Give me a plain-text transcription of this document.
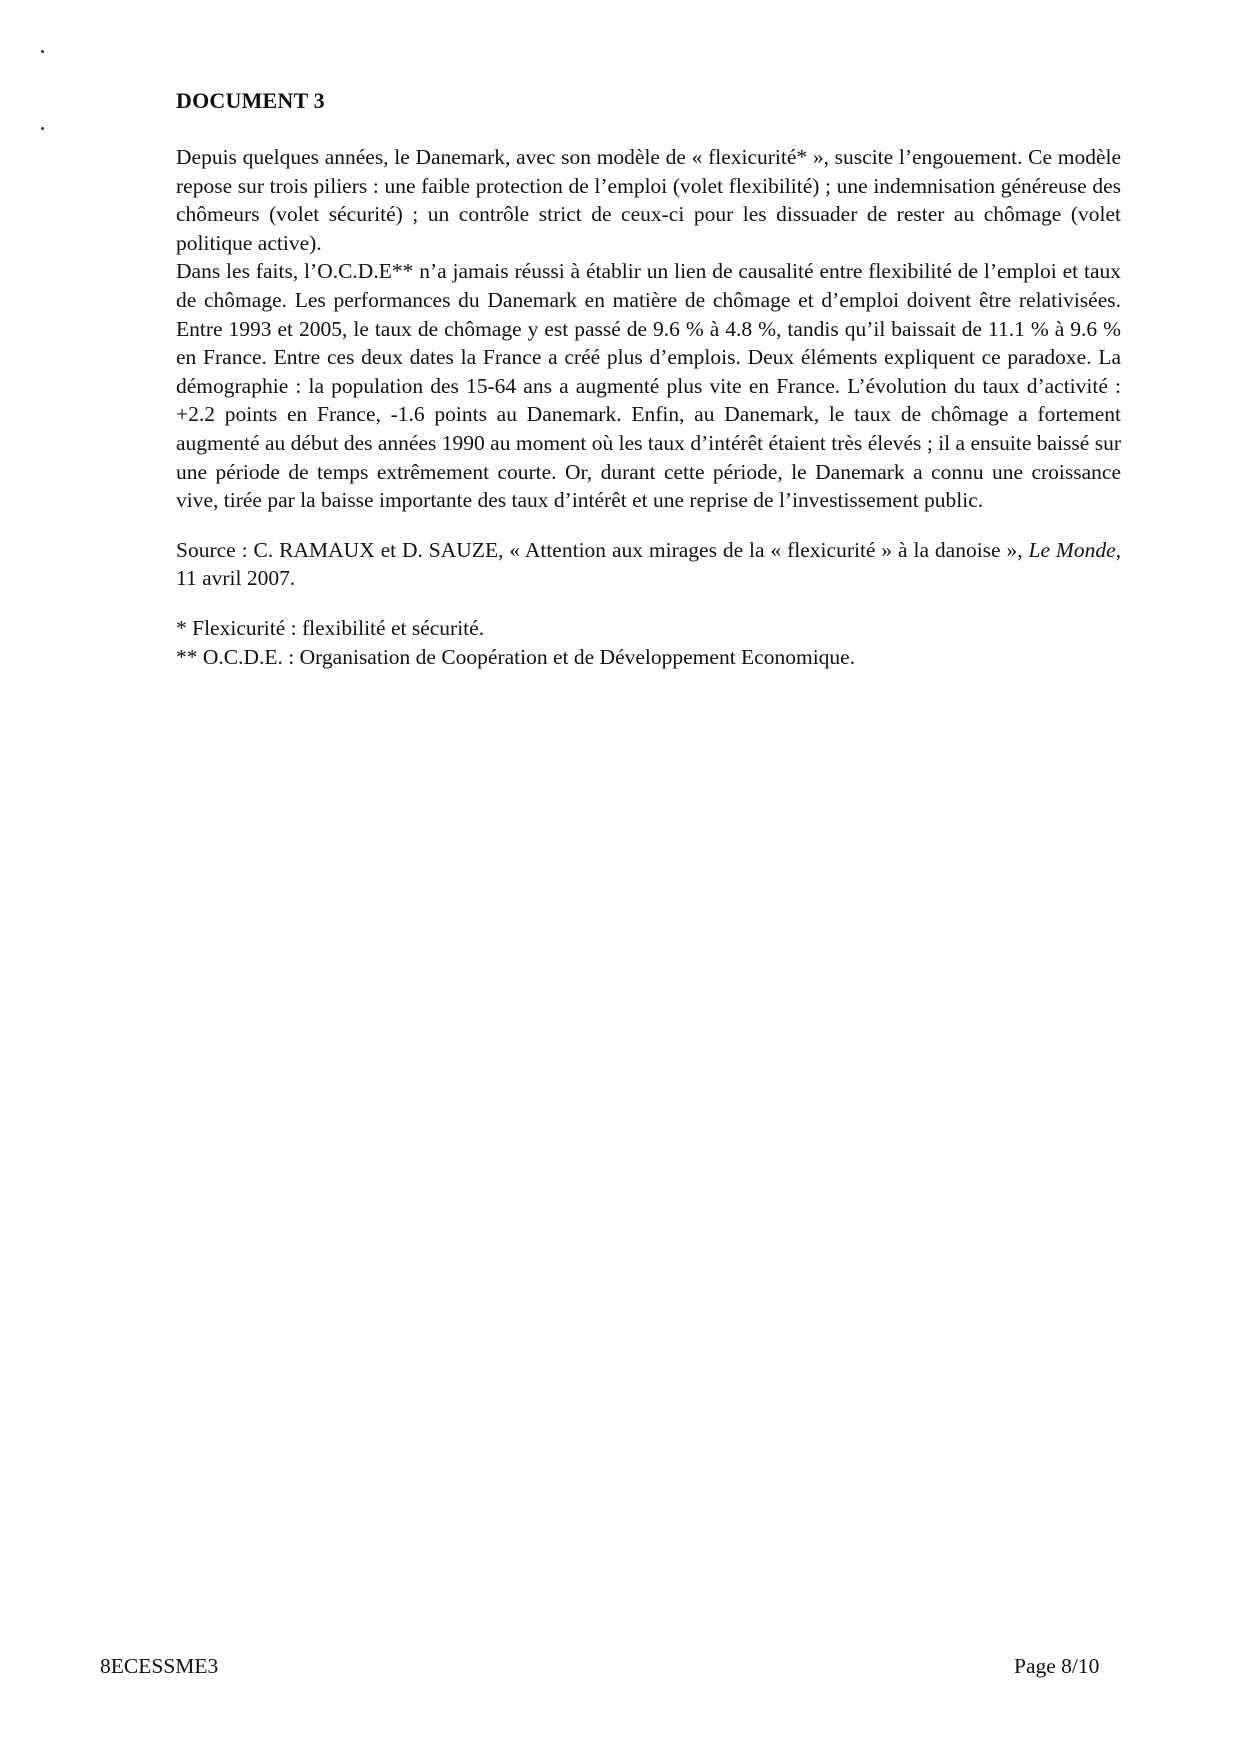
DOCUMENT 3

Depuis quelques années, le Danemark, avec son modèle de « flexicurité* », suscite l’engouement. Ce modèle repose sur trois piliers : une faible protection de l’emploi (volet flexibilité) ; une indemnisation généreuse des chômeurs (volet sécurité) ; un contrôle strict de ceux-ci pour les dissuader de rester au chômage (volet politique active).

Dans les faits, l’O.C.D.E** n’a jamais réussi à établir un lien de causalité entre flexibilité de l’emploi et taux de chômage. Les performances du Danemark en matière de chômage et d’emploi doivent être relativisées. Entre 1993 et 2005, le taux de chômage y est passé de 9.6 % à 4.8 %, tandis qu’il baissait de 11.1 % à 9.6 % en France. Entre ces deux dates la France a créé plus d’emplois. Deux éléments expliquent ce paradoxe. La démographie : la population des 15-64 ans a augmenté plus vite en France. L’évolution du taux d’activité : +2.2 points en France, -1.6 points au Danemark. Enfin, au Danemark, le taux de chômage a fortement augmenté au début des années 1990 au moment où les taux d’intérêt étaient très élevés ; il a ensuite baissé sur une période de temps extrêmement courte. Or, durant cette période, le Danemark a connu une croissance vive, tirée par la baisse importante des taux d’intérêt et une reprise de l’investissement public.

Source : C. RAMAUX et D. SAUZE, « Attention aux mirages de la « flexicurité » à la danoise », Le Monde, 11 avril 2007.

* Flexicurité : flexibilité et sécurité.

** O.C.D.E. : Organisation de Coopération et de Développement Economique.

8ECESSME3	Page 8/10
